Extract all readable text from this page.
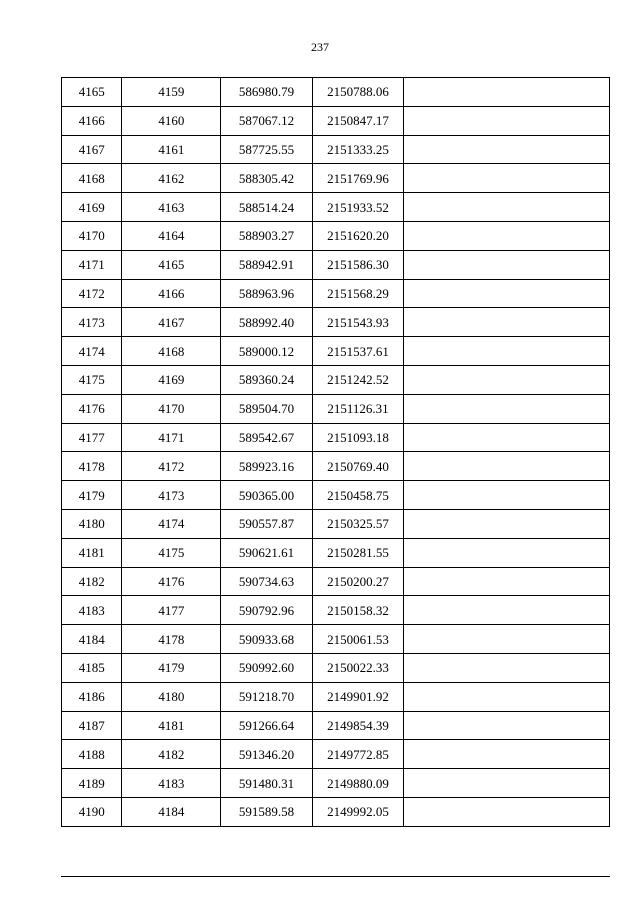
237
4165	4159	586980.79	2150788.06	
4166	4160	587067.12	2150847.17	
4167	4161	587725.55	2151333.25	
4168	4162	588305.42	2151769.96	
4169	4163	588514.24	2151933.52	
4170	4164	588903.27	2151620.20	
4171	4165	588942.91	2151586.30	
4172	4166	588963.96	2151568.29	
4173	4167	588992.40	2151543.93	
4174	4168	589000.12	2151537.61	
4175	4169	589360.24	2151242.52	
4176	4170	589504.70	2151126.31	
4177	4171	589542.67	2151093.18	
4178	4172	589923.16	2150769.40	
4179	4173	590365.00	2150458.75	
4180	4174	590557.87	2150325.57	
4181	4175	590621.61	2150281.55	
4182	4176	590734.63	2150200.27	
4183	4177	590792.96	2150158.32	
4184	4178	590933.68	2150061.53	
4185	4179	590992.60	2150022.33	
4186	4180	591218.70	2149901.92	
4187	4181	591266.64	2149854.39	
4188	4182	591346.20	2149772.85	
4189	4183	591480.31	2149880.09	
4190	4184	591589.58	2149992.05	
